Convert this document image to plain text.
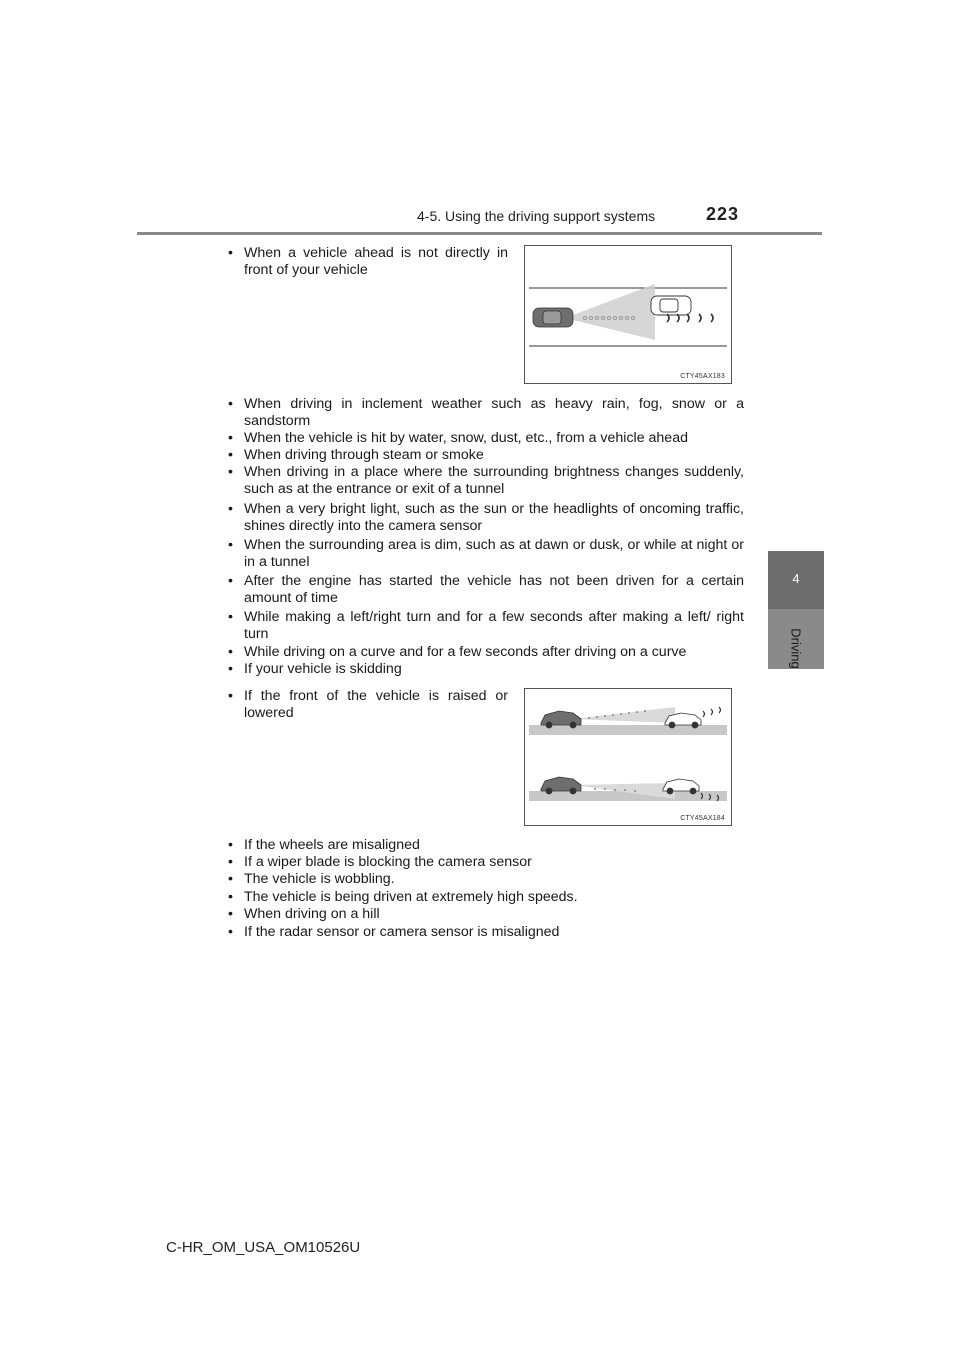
4-5. Using the driving support systems	223
4
Driving
• When a vehicle ahead is not directly in front of your vehicle
CTY45AX183
• When driving in inclement weather such as heavy rain, fog, snow or a sandstorm
• When the vehicle is hit by water, snow, dust, etc., from a vehicle ahead
• When driving through steam or smoke
• When driving in a place where the surrounding brightness changes suddenly, such as at the entrance or exit of a tunnel
• When a very bright light, such as the sun or the headlights of oncoming traffic, shines directly into the camera sensor
• When the surrounding area is dim, such as at dawn or dusk, or while at night or in a tunnel
• After the engine has started the vehicle has not been driven for a certain amount of time
• While making a left/right turn and for a few seconds after making a left/ right turn
• While driving on a curve and for a few seconds after driving on a curve
• If your vehicle is skidding
• If the front of the vehicle is raised or lowered
CTY45AX184
• If the wheels are misaligned
• If a wiper blade is blocking the camera sensor
• The vehicle is wobbling.
• The vehicle is being driven at extremely high speeds.
• When driving on a hill
• If the radar sensor or camera sensor is misaligned
C-HR_OM_USA_OM10526U
